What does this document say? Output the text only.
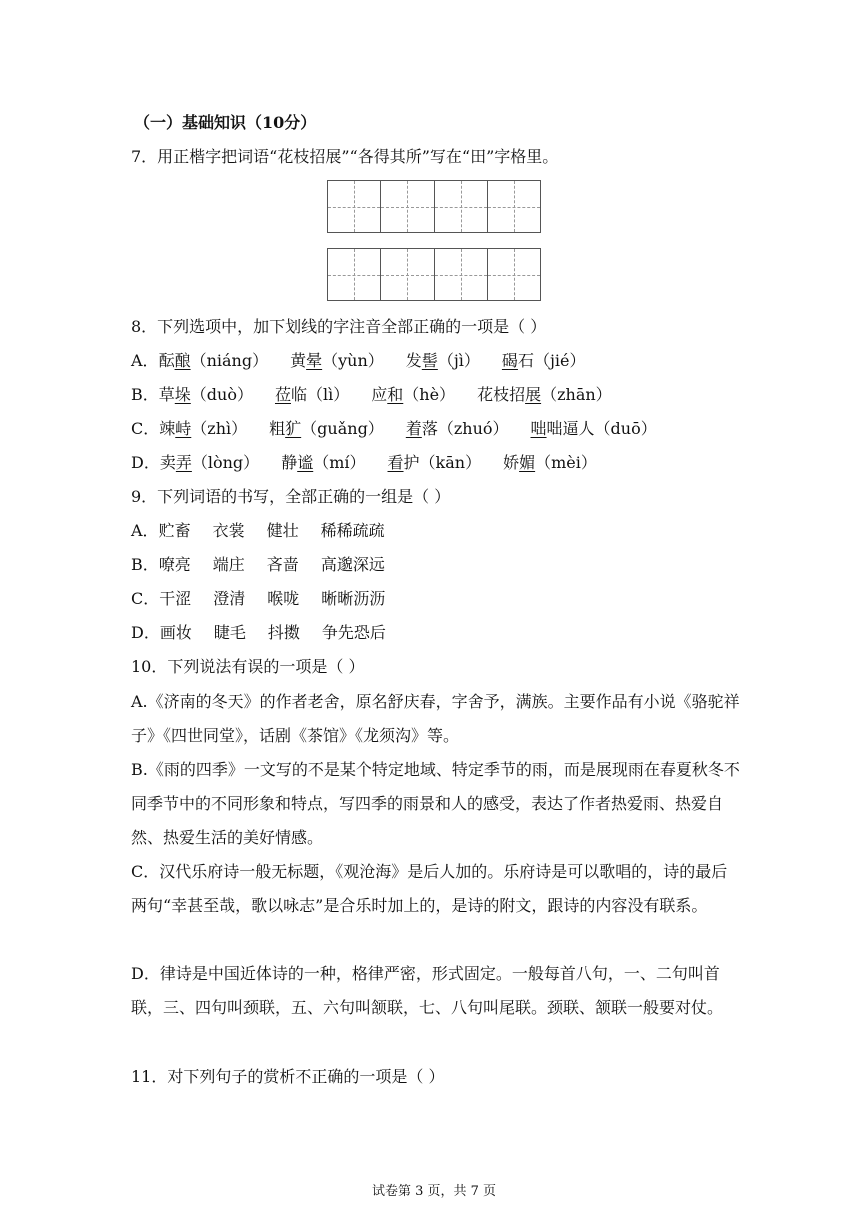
（一）基础知识（10分）
7．用正楷字把词语“花枝招展”“各得其所”写在“田”字格里。
8．下列选项中，加下划线的字注音全部正确的一项是（ ）
A．酝酿（niáng） 黄晕（yùn） 发髻（jì） 碣石（jié）
B．草垛（duò） 莅临（lì） 应和（hè） 花枝招展（zhān）
C．竦峙（zhì） 粗犷（guǎng） 着落（zhuó） 咄咄逼人（duō）
D．卖弄（lòng） 静谧（mí） 看护（kān） 娇媚（mèi）
9．下列词语的书写，全部正确的一组是（ ）
A．贮畜 衣裳 健壮 稀稀疏疏
B．嘹亮 端庄 吝啬 高邈深远
C．干涩 澄清 喉咙 晰晰沥沥
D．画妆 睫毛 抖擞 争先恐后
10．下列说法有误的一项是（ ）
A.《济南的冬天》的作者老舍，原名舒庆春，字舍予，满族。主要作品有小说《骆驼祥子》《四世同堂》，话剧《茶馆》《龙须沟》等。
B.《雨的四季》一文写的不是某个特定地域、特定季节的雨，而是展现雨在春夏秋冬不同季节中的不同形象和特点，写四季的雨景和人的感受，表达了作者热爱雨、热爱自然、热爱生活的美好情感。
C．汉代乐府诗一般无标题，《观沧海》是后人加的。乐府诗是可以歌唱的，诗的最后两句“幸甚至哉，歌以咏志”是合乐时加上的，是诗的附文，跟诗的内容没有联系。
D．律诗是中国近体诗的一种，格律严密，形式固定。一般每首八句，一、二句叫首联，三、四句叫颈联，五、六句叫颔联，七、八句叫尾联。颈联、颔联一般要对仗。
11．对下列句子的赏析不正确的一项是（ ）
试卷第 3 页，共 7 页
